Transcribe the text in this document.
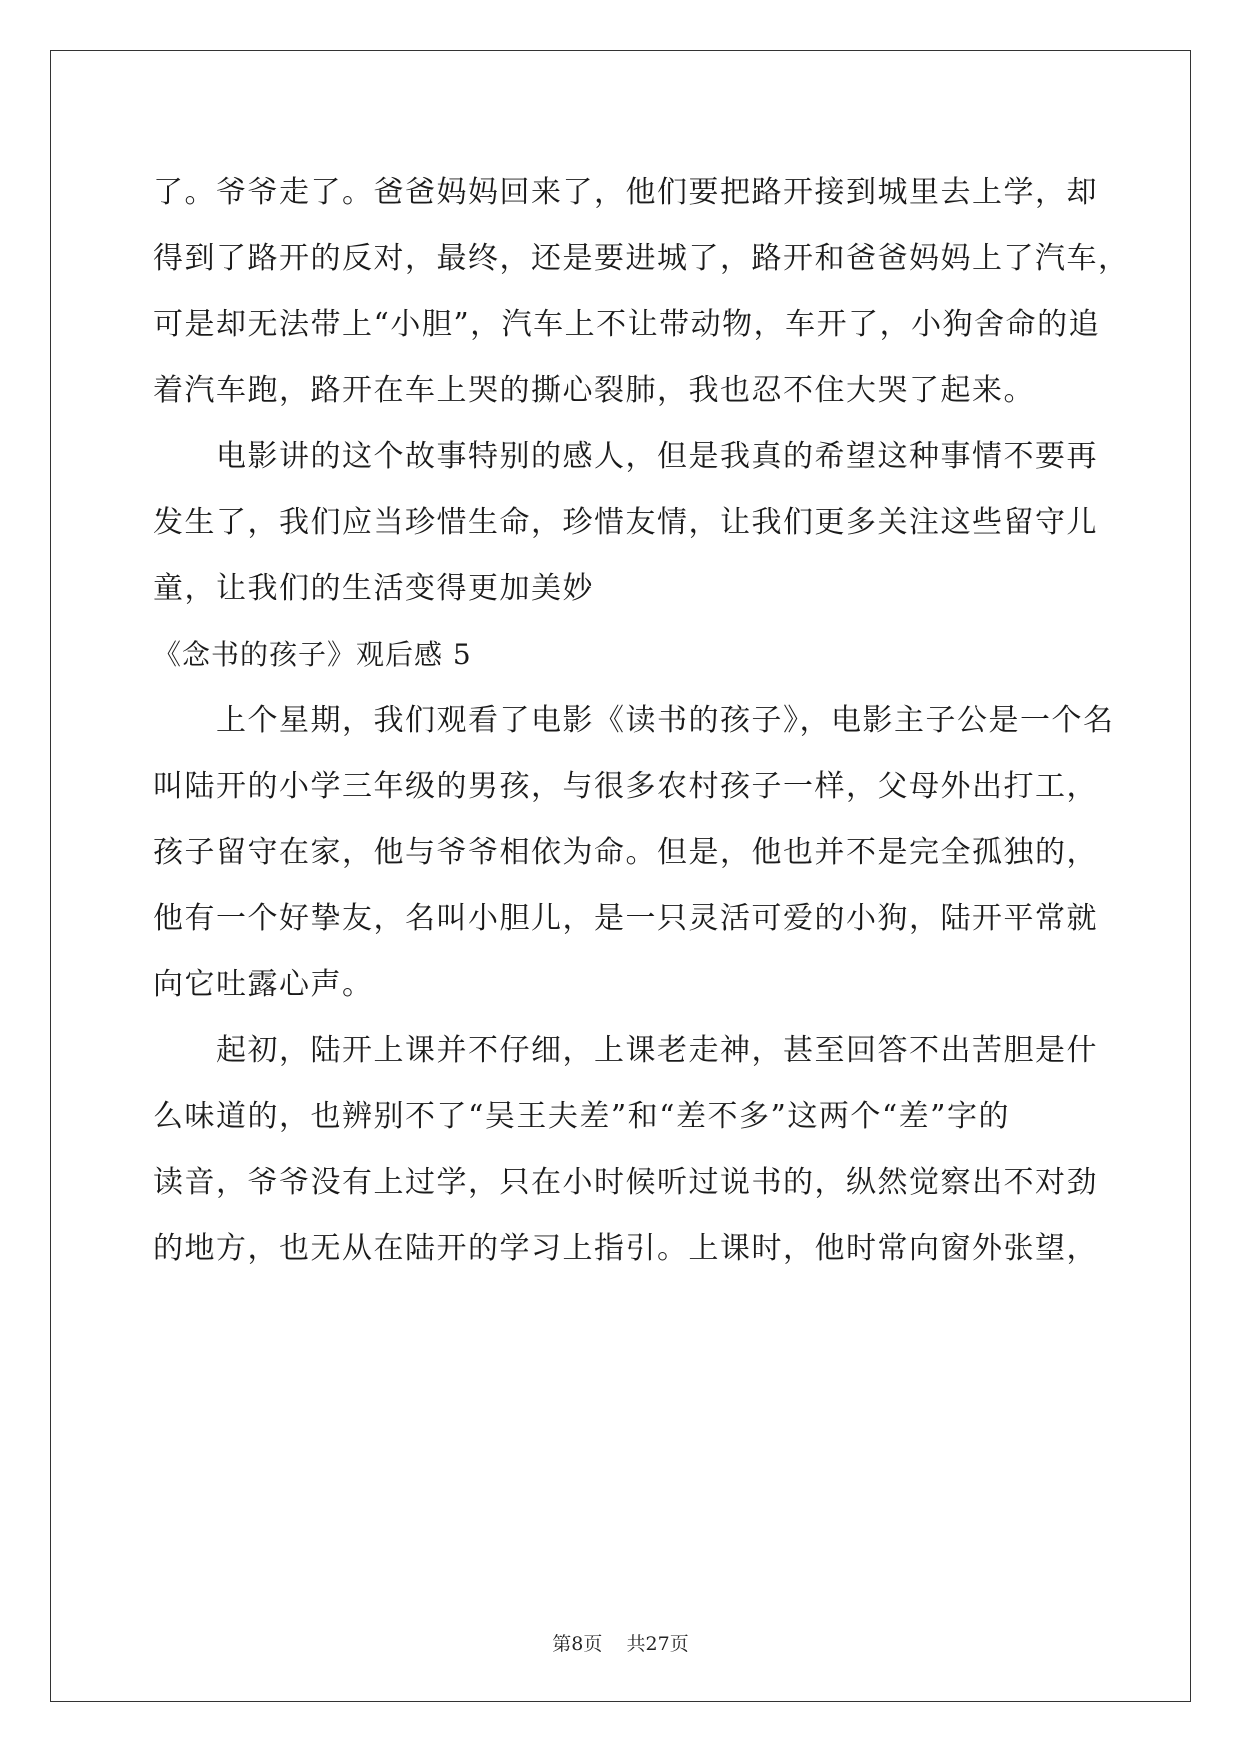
了。爷爷走了。爸爸妈妈回来了，他们要把路开接到城里去上学，却
得到了路开的反对，最终，还是要进城了，路开和爸爸妈妈上了汽车，
可是却无法带上“小胆”，汽车上不让带动物，车开了，小狗舍命的追
着汽车跑，路开在车上哭的撕心裂肺，我也忍不住大哭了起来。
　　电影讲的这个故事特别的感人，但是我真的希望这种事情不要再
发生了，我们应当珍惜生命，珍惜友情，让我们更多关注这些留守儿
童，让我们的生活变得更加美妙
《念书的孩子》观后感 5
　　上个星期，我们观看了电影《读书的孩子》，电影主子公是一个名
叫陆开的小学三年级的男孩，与很多农村孩子一样，父母外出打工，
孩子留守在家，他与爷爷相依为命。但是，他也并不是完全孤独的，
他有一个好挚友，名叫小胆儿，是一只灵活可爱的小狗，陆开平常就
向它吐露心声。
　　起初，陆开上课并不仔细，上课老走神，甚至回答不出苦胆是什
么味道的，也辨别不了“吴王夫差”和“差不多”这两个“差”字的
读音，爷爷没有上过学，只在小时候听过说书的，纵然觉察出不对劲
的地方，也无从在陆开的学习上指引。上课时，他时常向窗外张望，
第8页 共27页
